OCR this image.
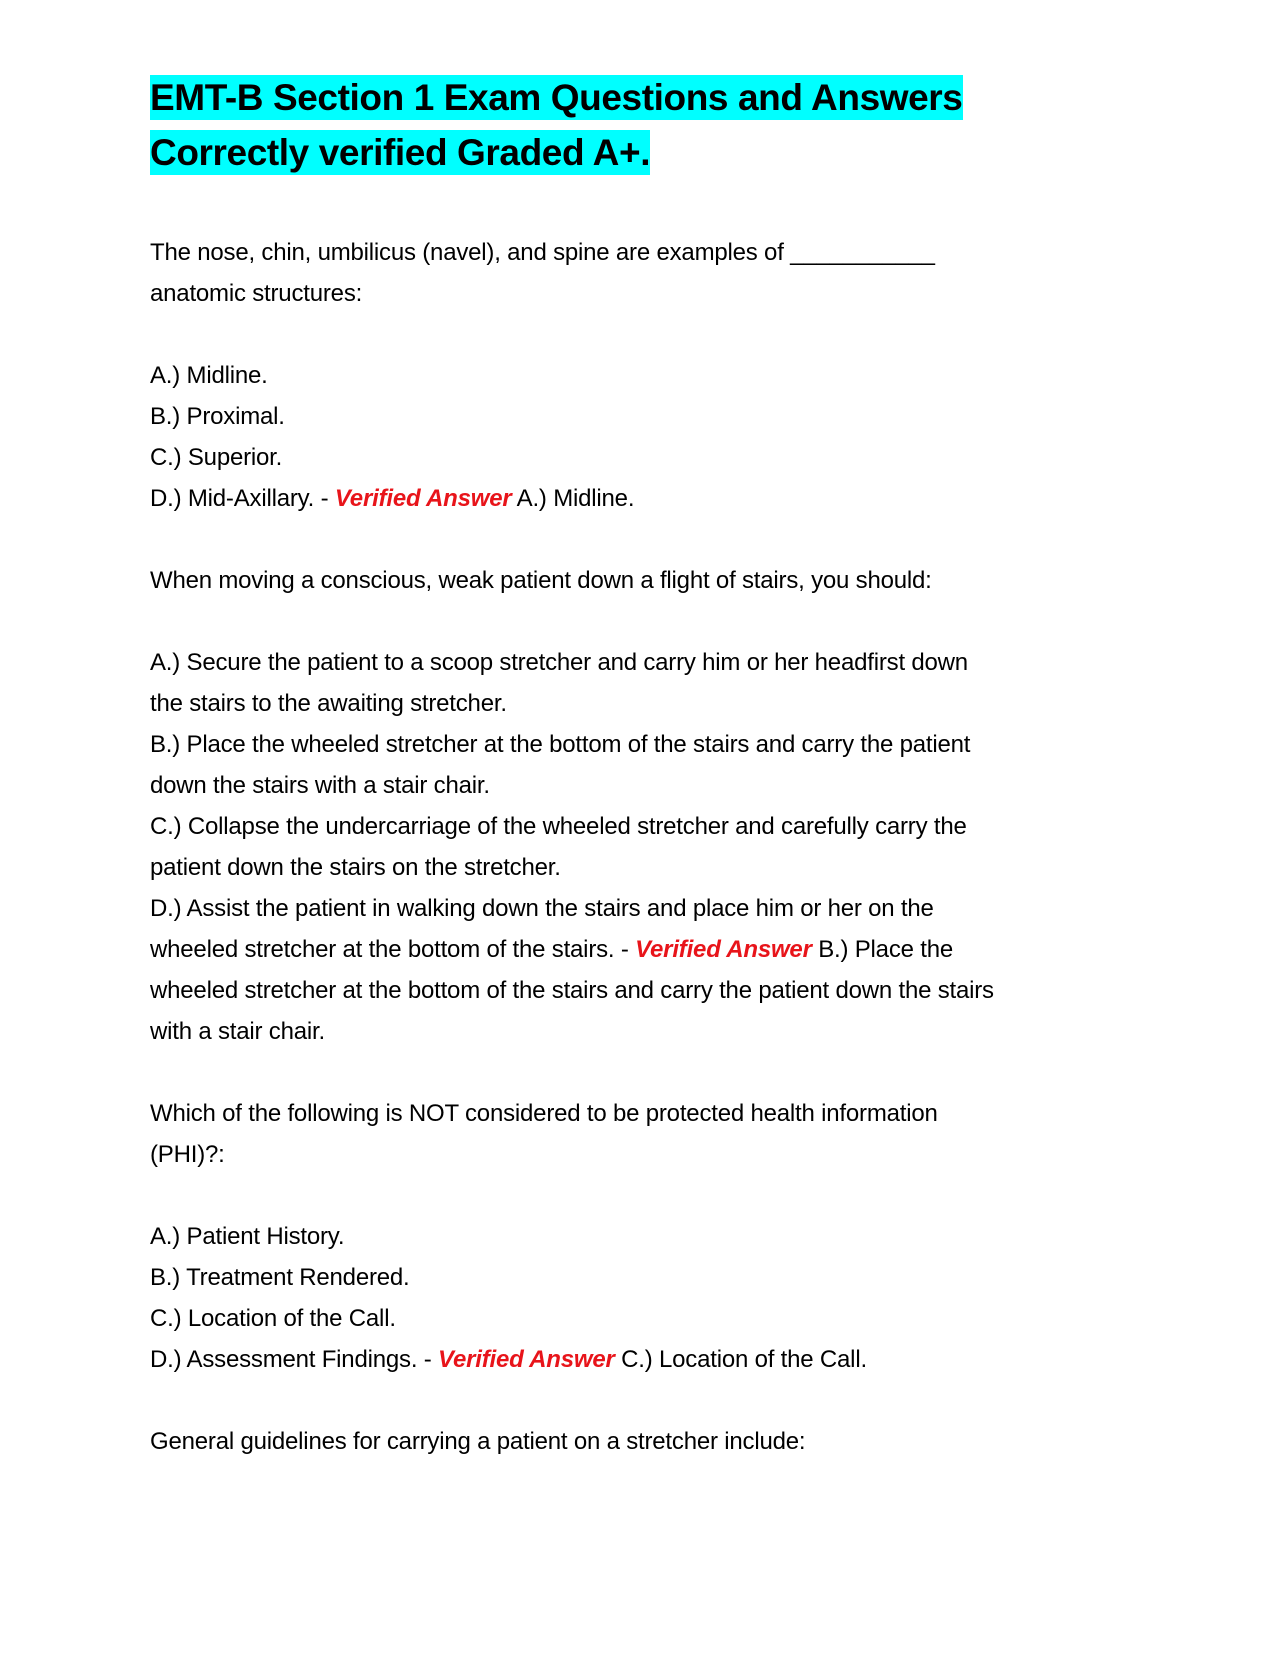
EMT-B Section 1 Exam Questions and Answers
Correctly verified Graded A+.
The nose, chin, umbilicus (navel), and spine are examples of ___________
anatomic structures:
A.) Midline.
B.) Proximal.
C.) Superior.
D.) Mid-Axillary. - Verified Answer A.) Midline.
When moving a conscious, weak patient down a flight of stairs, you should:
A.) Secure the patient to a scoop stretcher and carry him or her headfirst down
the stairs to the awaiting stretcher.
B.) Place the wheeled stretcher at the bottom of the stairs and carry the patient
down the stairs with a stair chair.
C.) Collapse the undercarriage of the wheeled stretcher and carefully carry the
patient down the stairs on the stretcher.
D.) Assist the patient in walking down the stairs and place him or her on the
wheeled stretcher at the bottom of the stairs. - Verified Answer B.) Place the
wheeled stretcher at the bottom of the stairs and carry the patient down the stairs
with a stair chair.
Which of the following is NOT considered to be protected health information
(PHI)?:
A.) Patient History.
B.) Treatment Rendered.
C.) Location of the Call.
D.) Assessment Findings. - Verified Answer C.) Location of the Call.
General guidelines for carrying a patient on a stretcher include:
